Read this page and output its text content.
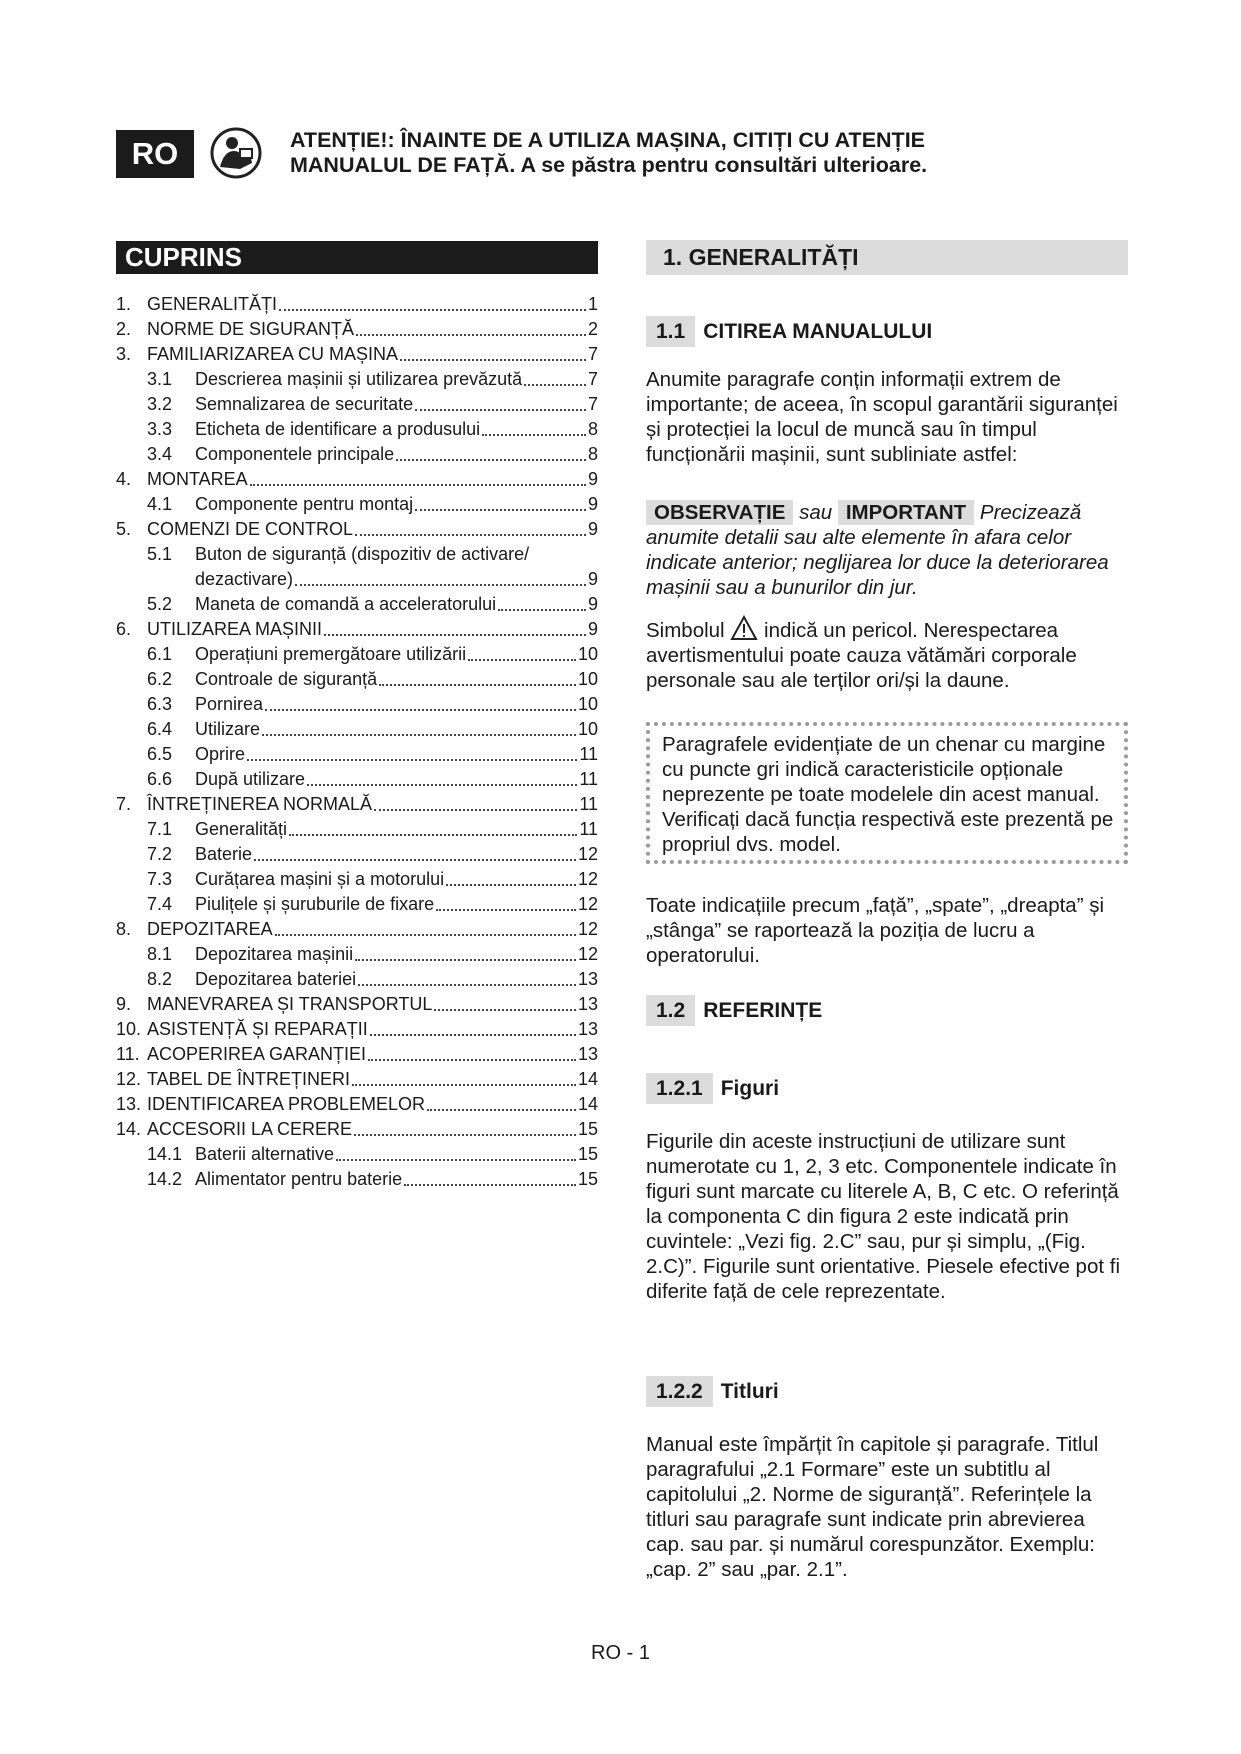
RO	ATENȚIE!: ÎNAINTE DE A UTILIZA MAȘINA, CITIȚI CU ATENȚIE
MANUALUL DE FAȚĂ. A se păstra pentru consultări ulterioare.
CUPRINS
1. GENERALITĂȚI	1
2. NORME DE SIGURANȚĂ	2
3. FAMILIARIZAREA CU MAȘINA	7
3.1	Descrierea mașinii și utilizarea prevăzută	7
3.2	Semnalizarea de securitate	7
3.3	Eticheta de identificare a produsului	8
3.4	Componentele principale	8
4. MONTAREA	9
4.1	Componente pentru montaj	9
5. COMENZI DE CONTROL	9
5.1	Buton de siguranță (dispozitiv de activare/
dezactivare)	9
5.2	Maneta de comandă a acceleratorului	9
6. UTILIZAREA MAȘINII	9
6.1	Operațiuni premergătoare utilizării	10
6.2	Controale de siguranță	10
6.3	Pornirea	10
6.4	Utilizare	10
6.5	Oprire	11
6.6	După utilizare	11
7. ÎNTREȚINEREA NORMALĂ	11
7.1	Generalități	11
7.2	Baterie	12
7.3	Curățarea mașini și a motorului	12
7.4	Piulițele și șuruburile de fixare	12
8. DEPOZITAREA	12
8.1	Depozitarea mașinii	12
8.2	Depozitarea bateriei	13
9. MANEVRAREA ȘI TRANSPORTUL	13
10. ASISTENȚĂ ȘI REPARAȚII	13
11. ACOPERIREA GARANȚIEI	13
12. TABEL DE ÎNTREȚINERI	14
13. IDENTIFICAREA PROBLEMELOR	14
14. ACCESORII LA CERERE	15
14.1 Baterii alternative	15
14.2 Alimentator pentru baterie	15
1. GENERALITĂȚI
1.1 CITIREA MANUALULUI
Anumite paragrafe conțin informații extrem de importante; de aceea, în scopul garantării siguranței și protecției la locul de muncă sau în timpul funcționării mașinii, sunt subliniate astfel:
OBSERVAȚIE sau IMPORTANT Precizează anumite detalii sau alte elemente în afara celor indicate anterior; neglijarea lor duce la deteriorarea mașinii sau a bunurilor din jur.
Simbolul indică un pericol. Nerespectarea avertismentului poate cauza vătămări corporale personale sau ale terților ori/și la daune.
Paragrafele evidențiate de un chenar cu margine cu puncte gri indică caracteristicile opționale neprezente pe toate modelele din acest manual. Verificați dacă funcția respectivă este prezentă pe propriul dvs. model.
Toate indicațiile precum „față”, „spate”, „dreapta” și „stânga” se raportează la poziția de lucru a operatorului.
1.2 REFERINȚE
1.2.1 Figuri
Figurile din aceste instrucțiuni de utilizare sunt numerotate cu 1, 2, 3 etc. Componentele indicate în figuri sunt marcate cu literele A, B, C etc. O referință la componenta C din figura 2 este indicată prin cuvintele: „Vezi fig. 2.C” sau, pur și simplu, „(Fig. 2.C)”. Figurile sunt orientative. Piesele efective pot fi diferite față de cele reprezentate.
1.2.2 Titluri
Manual este împărțit în capitole și paragrafe. Titlul paragrafului „2.1 Formare” este un subtitlu al capitolului „2. Norme de siguranță”. Referințele la titluri sau paragrafe sunt indicate prin abrevierea cap. sau par. și numărul corespunzător. Exemplu: „cap. 2” sau „par. 2.1”.
RO - 1
